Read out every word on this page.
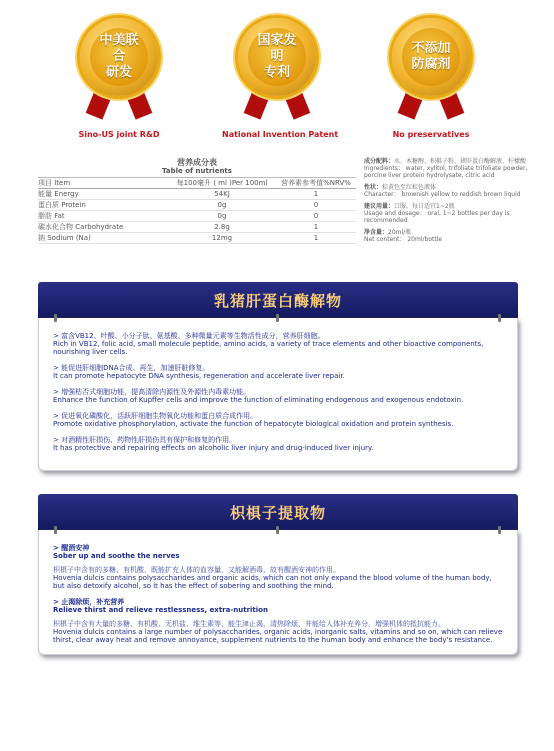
中美联合
研发
Sino-US joint R&D
国家发明
专利
National Invention Patent
不添加
防腐剂
No preservatives
营养成分表
Table of nutrients
项目 Item	每100毫升 ( ml )Per 100ml	营养素参考值%NRV%
能量 Energy	54KJ	1
蛋白质 Protein	0g	0
脂肪 Fat	0g	0
碳水化合物 Carbohydrate	2.8g	1
钠 Sodium (Na)	12mg	1
成分配料：水、木糖醇、枳椇子粉、猪肝蛋白酶解液、柠檬酸
Ingredients： water, xylitol, trifoliate trifoliate powder, porcine liver protein hydrolysate, citric acid
性状：棕黄色至红棕色液体
Character： brownish yellow to reddish brown liquid
建议用量：口服，每日适宜1~2瓶
Usage and dosage： oral, 1~2 bottles per day is recommended
净含量：20ml/瓶
Net content： 20ml/bottle
乳猪肝蛋白酶解物
> 富含VB12、叶酸、小分子肽、氨基酸、多种微量元素等生物活性成分，营养肝细胞。
Rich in VB12, folic acid, small molecule peptide, amino acids, a variety of trace elements and other bioactive components, nourishing liver cells.
> 能促进肝细胞DNA合成、再生，加速肝脏修复。
It can promote hepatocyte DNA synthesis, regeneration and accelerate liver repair.
> 增强枯否式细胞功能，提高清除内源性及外源性内毒素功能。
Enhance the function of Kupffer cells and improve the function of eliminating endogenous and exogenous endotoxin.
> 促进氧化磷酸化，活跃肝细胞生物氧化功能和蛋白质合成作用。
Promote oxidative phosphorylation, activate the function of hepatocyte biological oxidation and protein synthesis.
> 对酒精性肝损伤、药物性肝损伤具有保护和修复的作用。
It has protective and repairing effects on alcoholic liver injury and drug-induced liver injury.
枳椇子提取物
> 醒酒安神
Sober up and soothe the nerves
枳椇子中含有的多糖、有机酸，既能扩充人体的血容量，又能解酒毒，故有醒酒安神的作用。
Hovenia dulcis contains polysaccharides and organic acids, which can not only expand the blood volume of the human body, but also detoxify alcohol, so it has the effect of sobering and soothing the mind.
> 止渴除烦，补充营养
Relieve thirst and relieve restlessness, extra-nutrition
枳椇子中含有大量的多糖、有机酸、无机盐、维生素等，能生津止渴，清热除烦，并能给人体补充养分，增强机体的抵抗能力。
Hovenia dulcis contains a large number of polysaccharides, organic acids, inorganic salts, vitamins and so on, which can relieve thirst, clear away heat and remove annoyance, supplement nutrients to the human body and enhance the body's resistance.
